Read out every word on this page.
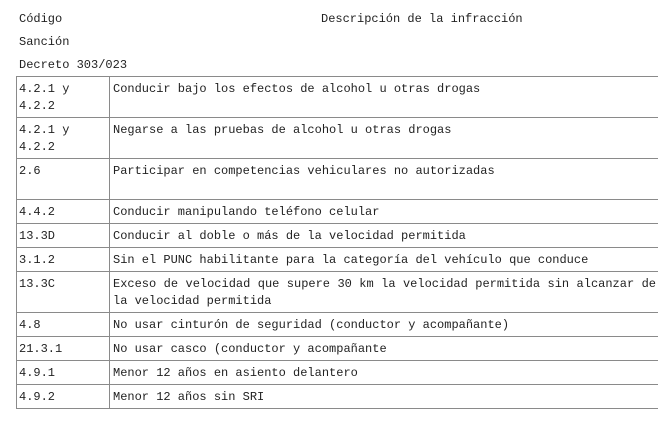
Código
Sanción
Decreto 303/023
Descripción de la infracción
4.2.1 y
4.2.2	Conducir bajo los efectos de alcohol u otras drogas

4.2.1 y
4.2.2	Negarse a las pruebas de alcohol u otras drogas

2.6	Participar en competencias vehiculares no autorizadas

4.4.2	Conducir manipulando teléfono celular

13.3D	Conducir al doble o más de la velocidad permitida

3.1.2	Sin el PUNC habilitante para la categoría del vehículo que conduce

13.3C	Exceso de velocidad que supere 30 km la velocidad permitida sin alcanzar de la velocidad permitida

4.8	No usar cinturón de seguridad (conductor y acompañante)

21.3.1	No usar casco (conductor y acompañante

4.9.1	Menor 12 años en asiento delantero

4.9.2	Menor 12 años sin SRI
